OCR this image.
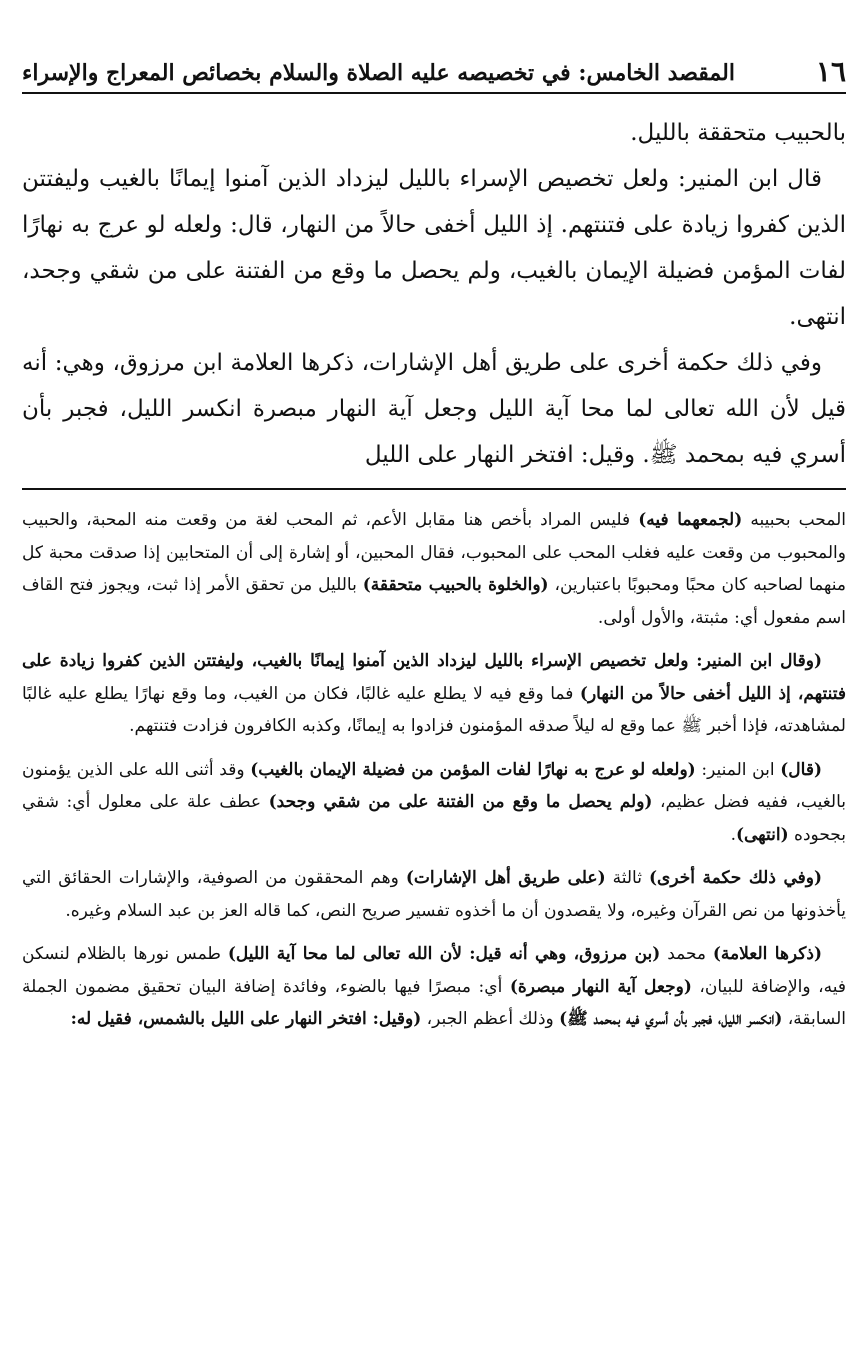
١٦
المقصد الخامس: في تخصيصه عليه الصلاة والسلام بخصائص المعراج والإسراء

بالحبيب متحققة بالليل.

قال ابن المنير: ولعل تخصيص الإسراء بالليل ليزداد الذين آمنوا إيمانًا بالغيب وليفتتن الذين كفروا زيادة على فتنتهم. إذ الليل أخفى حالاً من النهار، قال: ولعله لو عرج به نهارًا لفات المؤمن فضيلة الإيمان بالغيب، ولم يحصل ما وقع من الفتنة على من شقي وجحد، انتهى.

وفي ذلك حكمة أخرى على طريق أهل الإشارات، ذكرها العلامة ابن مرزوق، وهي: أنه قيل لأن الله تعالى لما محا آية الليل وجعل آية النهار مبصرة انكسر الليل، فجبر بأن أسري فيه بمحمد ﷺ. وقيل: افتخر النهار على الليل

المحب بحبيبه (لجمعهما فيه) فليس المراد بأخص هنا مقابل الأعم، ثم المحب لغة من وقعت منه المحبة، والحبيب والمحبوب من وقعت عليه فغلب المحب على المحبوب، فقال المحبين، أو إشارة إلى أن المتحابين إذا صدقت محبة كل منهما لصاحبه كان محبًا ومحبوبًا باعتبارين، (والخلوة بالحبيب متحققة) بالليل من تحقق الأمر إذا ثبت، ويجوز فتح القاف اسم مفعول أي: مثبتة، والأول أولى.

(وقال ابن المنير: ولعل تخصيص الإسراء بالليل ليزداد الذين آمنوا إيمانًا بالغيب، وليفتتن الذين كفروا زيادة على فتنتهم، إذ الليل أخفى حالاً من النهار) فما وقع فيه لا يطلع عليه غالبًا، فكان من الغيب، وما وقع نهارًا يطلع عليه غالبًا لمشاهدته، فإذا أخبر ﷺ عما وقع له ليلاً صدقه المؤمنون فزادوا به إيمانًا، وكذبه الكافرون فزادت فتنتهم.

(قال) ابن المنير: (ولعله لو عرج به نهارًا لفات المؤمن من فضيلة الإيمان بالغيب) وقد أثنى الله على الذين يؤمنون بالغيب، ففيه فضل عظيم، (ولم يحصل ما وقع من الفتنة على من شقي وجحد) عطف علة على معلول أي: شقي بجحوده (انتهى).

(وفي ذلك حكمة أخرى) ثالثة (على طريق أهل الإشارات) وهم المحققون من الصوفية، والإشارات الحقائق التي يأخذونها من نص القرآن وغيره، ولا يقصدون أن ما أخذوه تفسير صريح النص، كما قاله العز بن عبد السلام وغيره.

(ذكرها العلامة) محمد (بن مرزوق، وهي أنه قيل: لأن الله تعالى لما محا آية الليل) طمس نورها بالظلام لنسكن فيه، والإضافة للبيان، (وجعل آية النهار مبصرة) أي: مبصرًا فيها بالضوء، وفائدة إضافة البيان تحقيق مضمون الجملة السابقة، (انكسر الليل، فجبر بأن أسري فيه بمحمد ﷺ) وذلك أعظم الجبر، (وقيل: افتخر النهار على الليل بالشمس، فقيل له:
